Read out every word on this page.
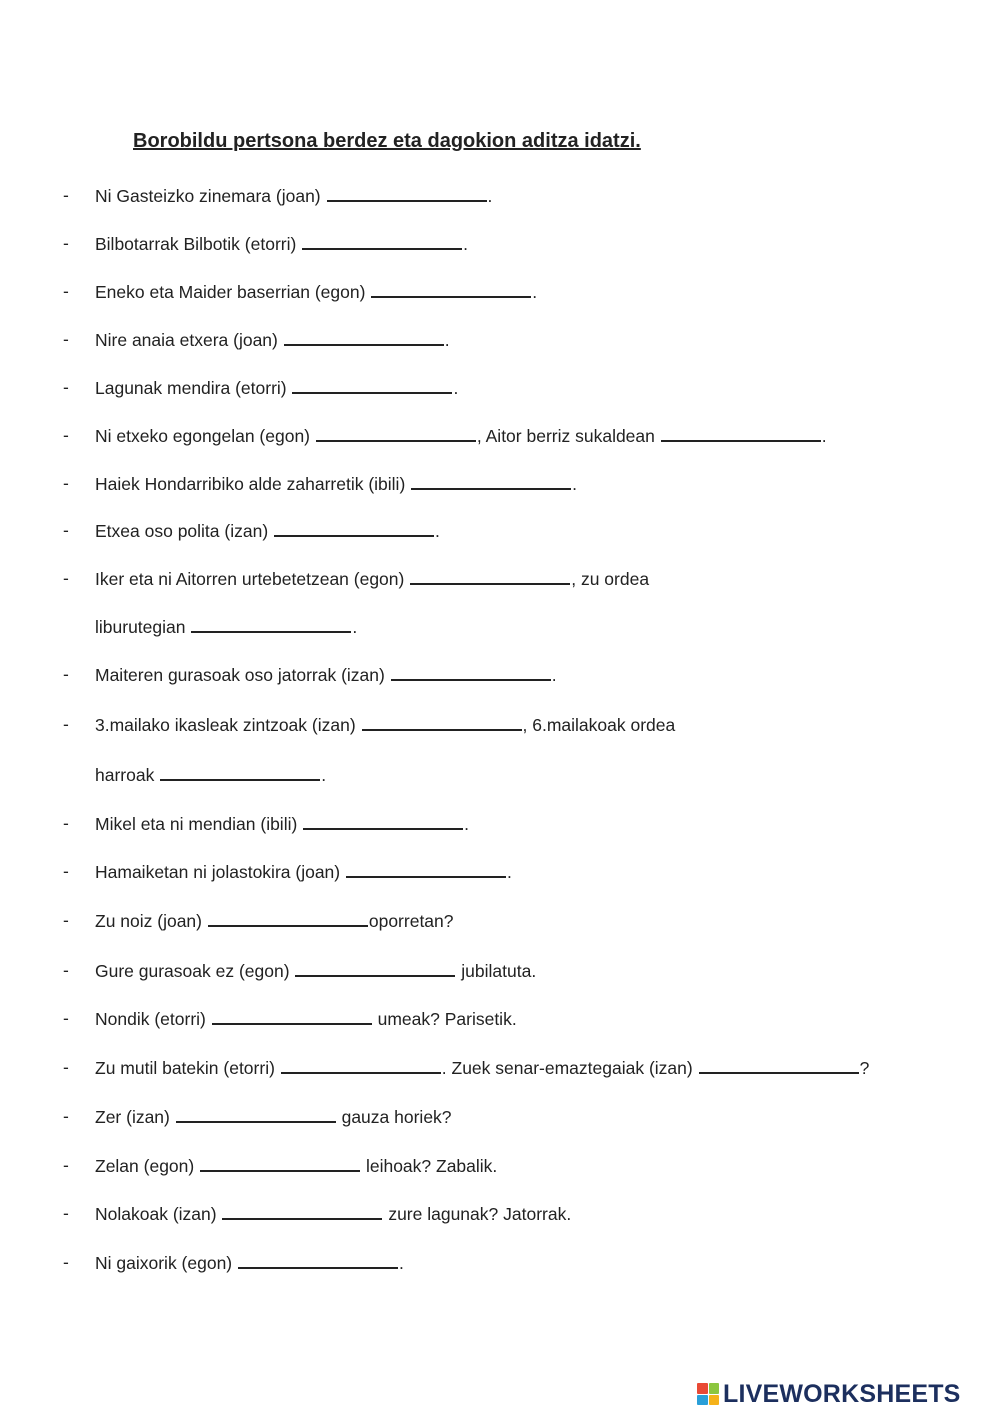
Borobildu pertsona berdez eta dagokion aditza idatzi.
- Ni Gasteizko zinemara (joan)	.
- Bilbotarrak Bilbotik (etorri)	.
- Eneko eta Maider baserrian (egon)	.
- Nire anaia etxera (joan)	.
- Lagunak mendira (etorri)	.
- Ni etxeko egongelan (egon)	, Aitor berriz sukaldean	.
- Haiek Hondarribiko alde zaharretik (ibili)	.
- Etxea oso polita (izan)	.
- Iker eta ni Aitorren urtebetetzean (egon)	, zu ordea
liburutegian	.
- Maiteren gurasoak oso jatorrak (izan)	.
- 3.mailako ikasleak zintzoak (izan)	, 6.mailakoak ordea
harroak	.
- Mikel eta ni mendian (ibili)	.
- Hamaiketan ni jolastokira (joan)	.
- Zu noiz (joan)	oporretan?
- Gure gurasoak ez (egon)	jubilatuta.
- Nondik (etorri)	umeak? Parisetik.
- Zu mutil batekin (etorri)	. Zuek senar-emaztegaiak (izan)	?
- Zer (izan)	gauza horiek?
- Zelan (egon)	leihoak? Zabalik.
- Nolakoak (izan)	zure lagunak? Jatorrak.
- Ni gaixorik (egon)	.
LIVEWORKSHEETS
